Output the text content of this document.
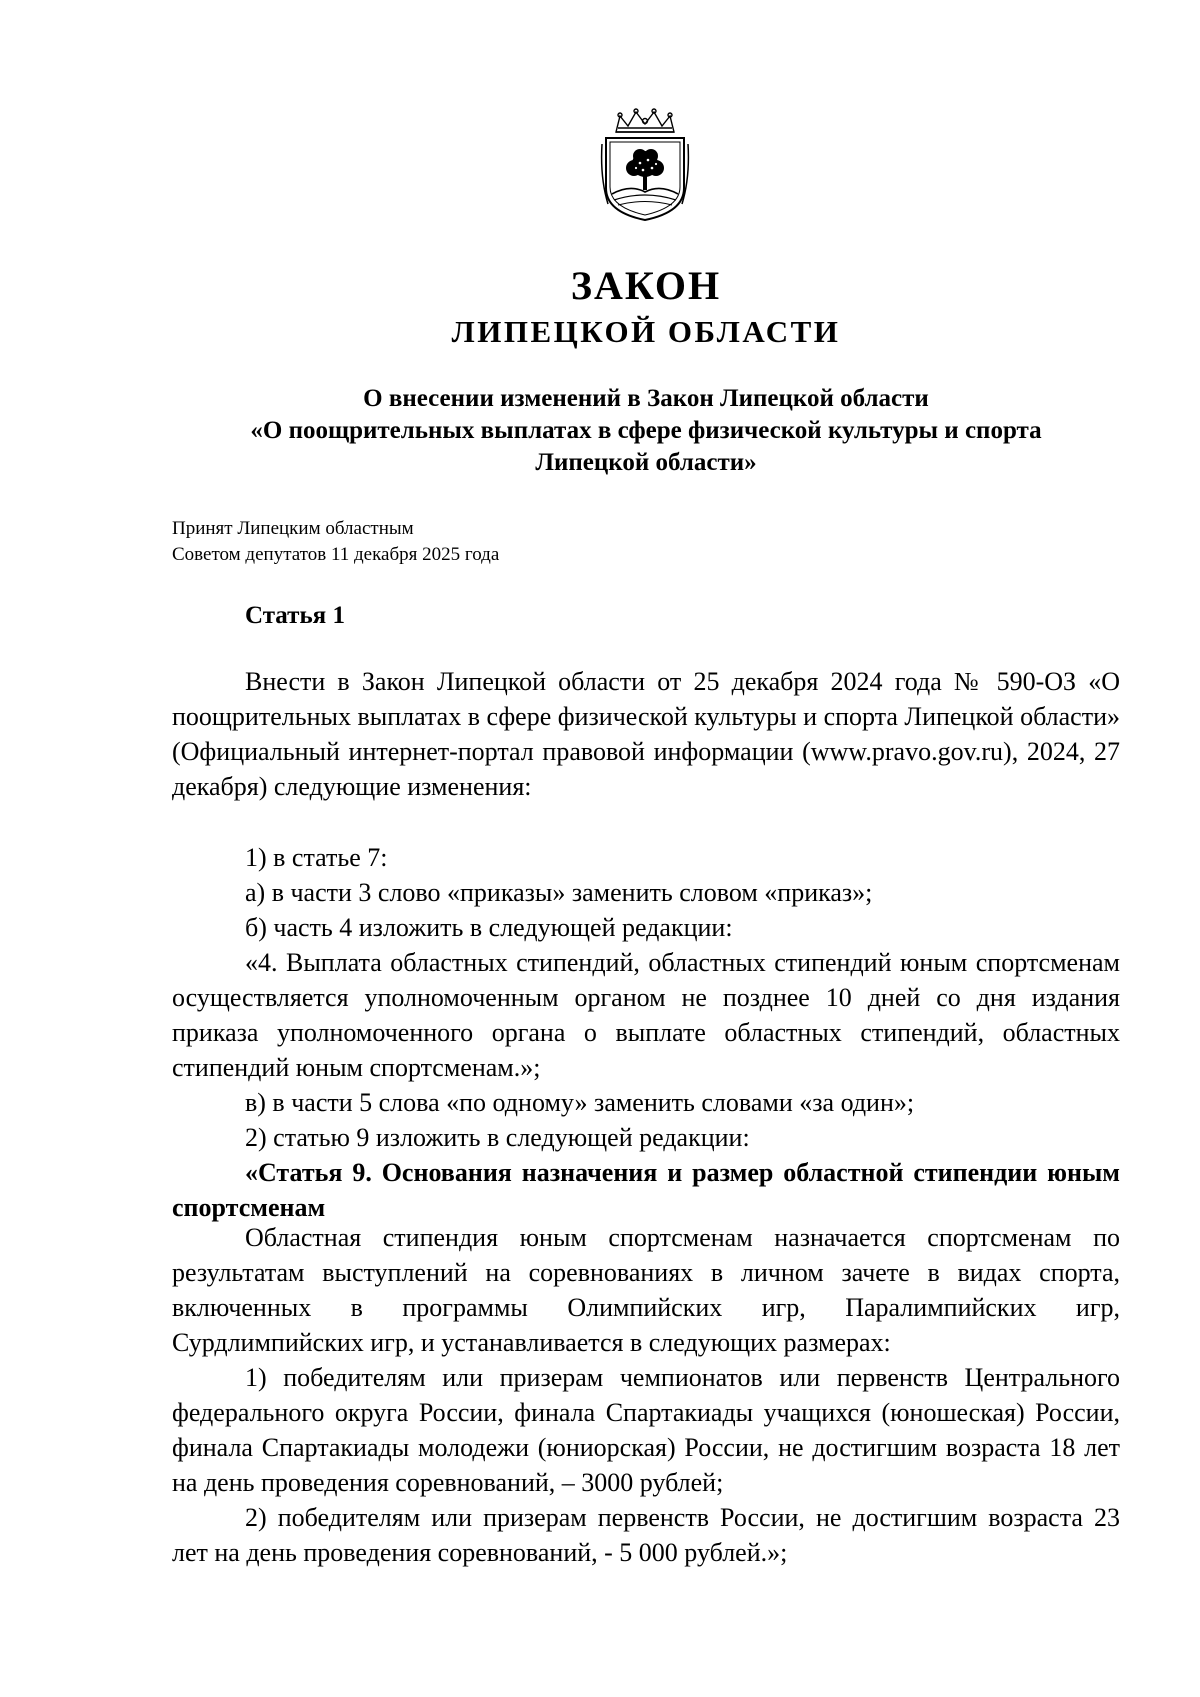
ЗАКОН
ЛИПЕЦКОЙ ОБЛАСТИ
О внесении изменений в Закон Липецкой области
«О поощрительных выплатах в сфере физической культуры и спорта
Липецкой области»
Принят Липецким областным
Советом депутатов 11 декабря 2025 года
Статья 1

Внести в Закон Липецкой области от 25 декабря 2024 года № 590-ОЗ «О поощрительных выплатах в сфере физической культуры и спорта Липецкой области» (Официальный интернет-портал правовой информации (www.pravo.gov.ru), 2024, 27 декабря) следующие изменения:

1) в статье 7:

а) в части 3 слово «приказы» заменить словом «приказ»;

б) часть 4 изложить в следующей редакции:

«4. Выплата областных стипендий, областных стипендий юным спортсменам осуществляется уполномоченным органом не позднее 10 дней со дня издания приказа уполномоченного органа о выплате областных стипендий, областных стипендий юным спортсменам.»;

в) в части 5 слова «по одному» заменить словами «за один»;

2) статью 9 изложить в следующей редакции:

«Статья 9. Основания назначения и размер областной стипендии юным спортсменам

Областная стипендия юным спортсменам назначается спортсменам по результатам выступлений на соревнованиях в личном зачете в видах спорта, включенных в программы Олимпийских игр, Паралимпийских игр, Сурдлимпийских игр, и устанавливается в следующих размерах:

1) победителям или призерам чемпионатов или первенств Центрального федерального округа России, финала Спартакиады учащихся (юношеская) России, финала Спартакиады молодежи (юниорская) России, не достигшим возраста 18 лет на день проведения соревнований, – 3000 рублей;

2) победителям или призерам первенств России, не достигшим возраста 23 лет на день проведения соревнований, - 5 000 рублей.»;
